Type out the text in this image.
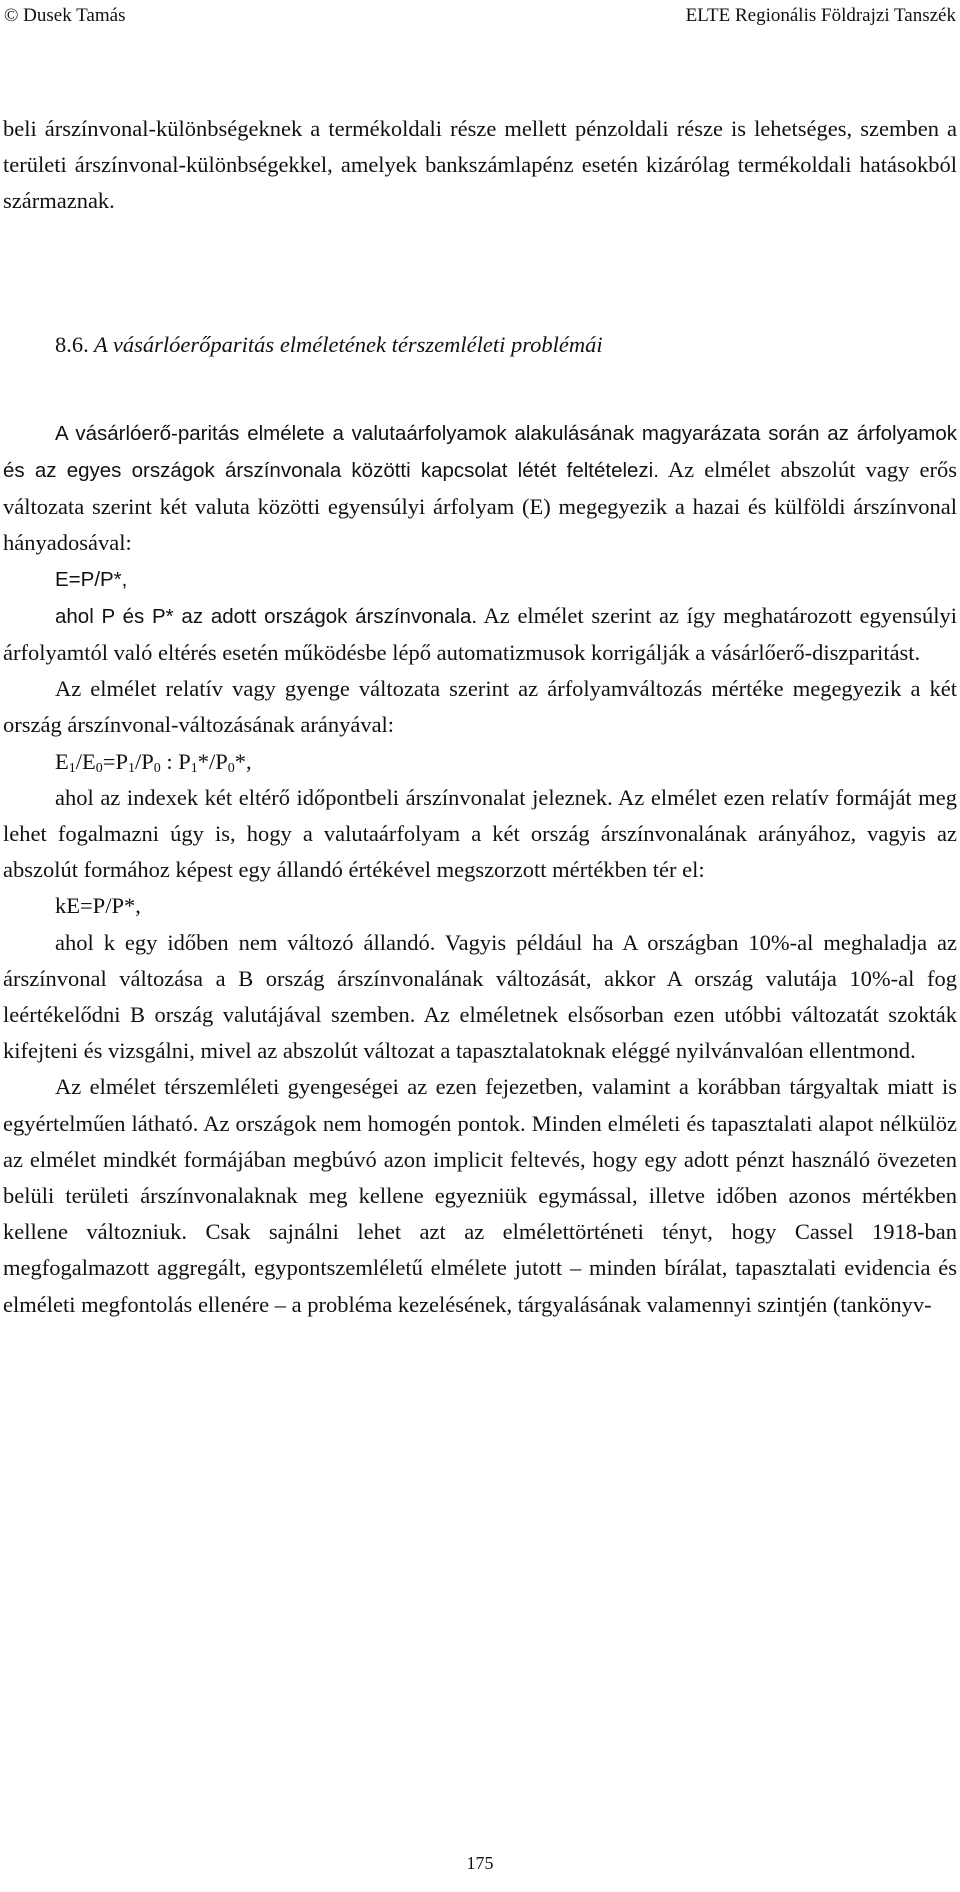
© Dusek Tamás	ELTE Regionális Földrajzi Tanszék

beli árszínvonal-különbségeknek a termékoldali része mellett pénzoldali része is lehetséges, szemben a területi árszínvonal-különbségekkel, amelyek bankszámlapénz esetén kizárólag termékoldali hatásokból származnak.

8.6. A vásárlóerőparitás elméletének térszemléleti problémái

A vásárlóerő-paritás elmélete a valutaárfolyamok alakulásának magyarázata során az árfolyamok és az egyes országok árszínvonala közötti kapcsolat létét feltételezi. Az elmélet abszolút vagy erős változata szerint két valuta közötti egyensúlyi árfolyam (E) megegyezik a hazai és külföldi árszínvonal hányadosával:

E=P/P*,

ahol P és P* az adott országok árszínvonala. Az elmélet szerint az így meghatározott egyensúlyi árfolyamtól való eltérés esetén működésbe lépő automatizmusok korrigálják a vásárlőerő-diszparitást.

Az elmélet relatív vagy gyenge változata szerint az árfolyamváltozás mértéke megegyezik a két ország árszínvonal-változásának arányával:

$E_1/E_0=P_1/P_0$ : $P_1*/P_0*$,

ahol az indexek két eltérő időpontbeli árszínvonalat jeleznek. Az elmélet ezen relatív formáját meg lehet fogalmazni úgy is, hogy a valutaárfolyam a két ország árszínvonalának arányához, vagyis az abszolút formához képest egy állandó értékével megszorzott mértékben tér el:

kE=P/P*,

ahol k egy időben nem változó állandó. Vagyis például ha A országban 10%-al meghaladja az árszínvonal változása a B ország árszínvonalának változását, akkor A ország valutája 10%-al fog leértékelődni B ország valutájával szemben. Az elméletnek elsősorban ezen utóbbi változatát szokták kifejteni és vizsgálni, mivel az abszolút változat a tapasztalatoknak eléggé nyilvánvalóan ellentmond.

Az elmélet térszemléleti gyengeségei az ezen fejezetben, valamint a korábban tárgyaltak miatt is egyértelműen látható. Az országok nem homogén pontok. Minden elméleti és tapasztalati alapot nélkülöz az elmélet mindkét formájában megbúvó azon implicit feltevés, hogy egy adott pénzt használó övezeten belüli területi árszínvonalaknak meg kellene egyezniük egymással, illetve időben azonos mértékben kellene változniuk. Csak sajnálni lehet azt az elmélettörténeti tényt, hogy Cassel 1918-ban megfogalmazott aggregált, egypontszemléletű elmélete jutott – minden bírálat, tapasztalati evidencia és elméleti megfontolás ellenére – a probléma kezelésének, tárgyalásának valamennyi szintjén (tankönyv-

175
